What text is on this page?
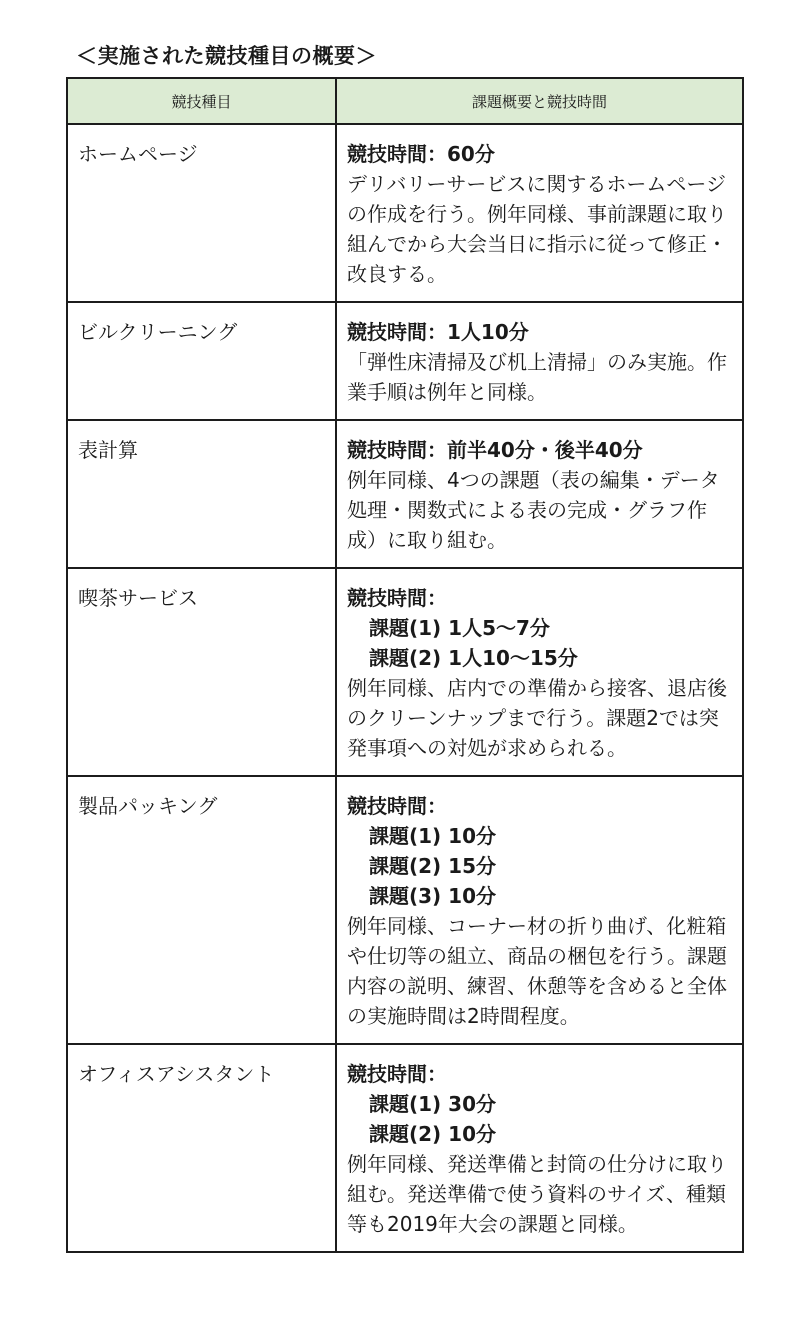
＜実施された競技種目の概要＞
競技種目	課題概要と競技時間
ホームページ	競技時間：60分
デリバリーサービスに関するホームページの作成を行う。例年同様、事前課題に取り組んでから大会当日に指示に従って修正・改良する。

ビルクリーニング	競技時間：1人10分
「弾性床清掃及び机上清掃」のみ実施。作業手順は例年と同様。

表計算	競技時間：前半40分・後半40分
例年同様、4つの課題（表の編集・データ処理・関数式による表の完成・グラフ作成）に取り組む。

喫茶サービス	競技時間：
課題(1) 1人5～7分
課題(2) 1人10～15分
例年同様、店内での準備から接客、退店後のクリーンナップまで行う。課題2では突発事項への対処が求められる。

製品パッキング	競技時間：
課題(1) 10分
課題(2) 15分
課題(3) 10分
例年同様、コーナー材の折り曲げ、化粧箱や仕切等の組立、商品の梱包を行う。課題内容の説明、練習、休憩等を含めると全体の実施時間は2時間程度。

オフィスアシスタント	競技時間：
課題(1) 30分
課題(2) 10分
例年同様、発送準備と封筒の仕分けに取り組む。発送準備で使う資料のサイズ、種類等も2019年大会の課題と同様。
